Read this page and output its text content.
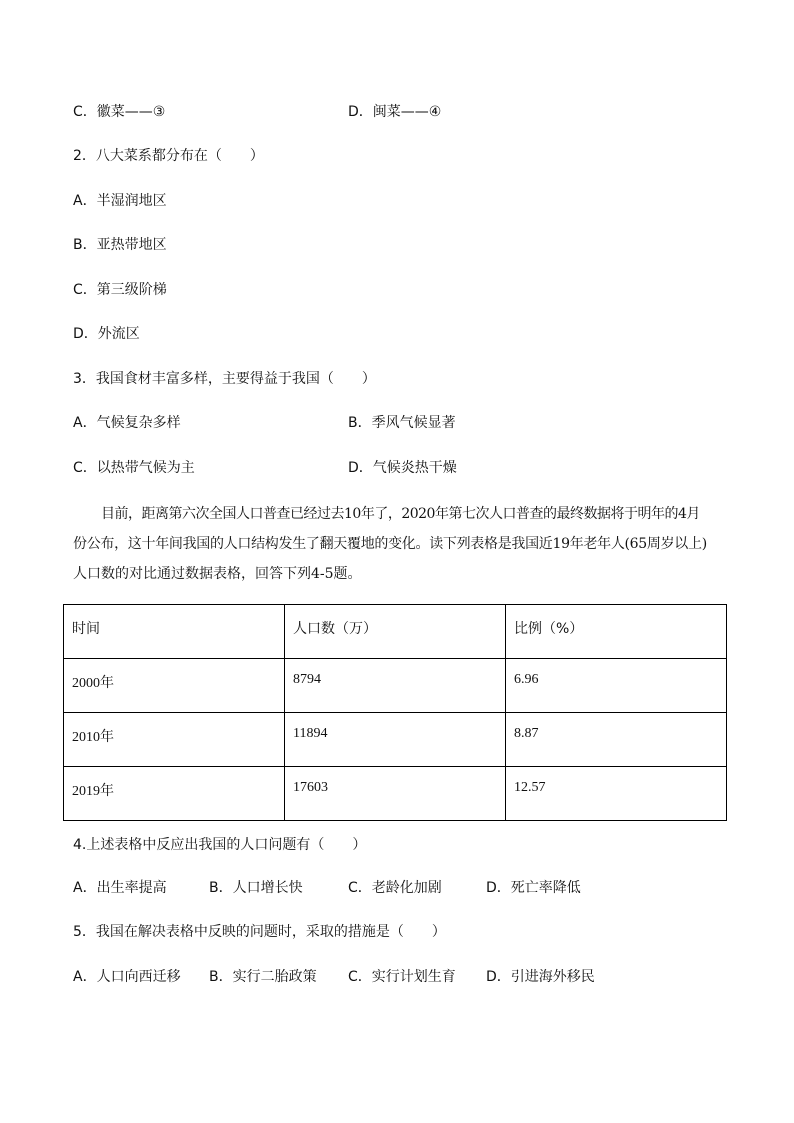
C．徽菜——③	D．闽菜——④
2．八大菜系都分布在（　　）
A．半湿润地区
B．亚热带地区
C．第三级阶梯
D．外流区
3．我国食材丰富多样，主要得益于我国（　　）
A．气候复杂多样	B．季风气候显著
C．以热带气候为主	D．气候炎热干燥
目前，距离第六次全国人口普查已经过去10年了，2020年第七次人口普查的最终数据将于明年的4月
份公布，这十年间我国的人口结构发生了翻天覆地的变化。读下列表格是我国近19年老年人(65周岁以上)
人口数的对比通过数据表格，回答下列4-5题。
时间	人口数（万）	比例（%）
2000年	8794	6.96
2010年	11894	8.87
2019年	17603	12.57
4.上述表格中反应出我国的人口问题有（　　）
A．出生率提高	B．人口增长快	C．老龄化加剧	D．死亡率降低
5．我国在解决表格中反映的问题时，采取的措施是（　　）
A．人口向西迁移 B．实行二胎政策 C．实行计划生育 D．引进海外移民
